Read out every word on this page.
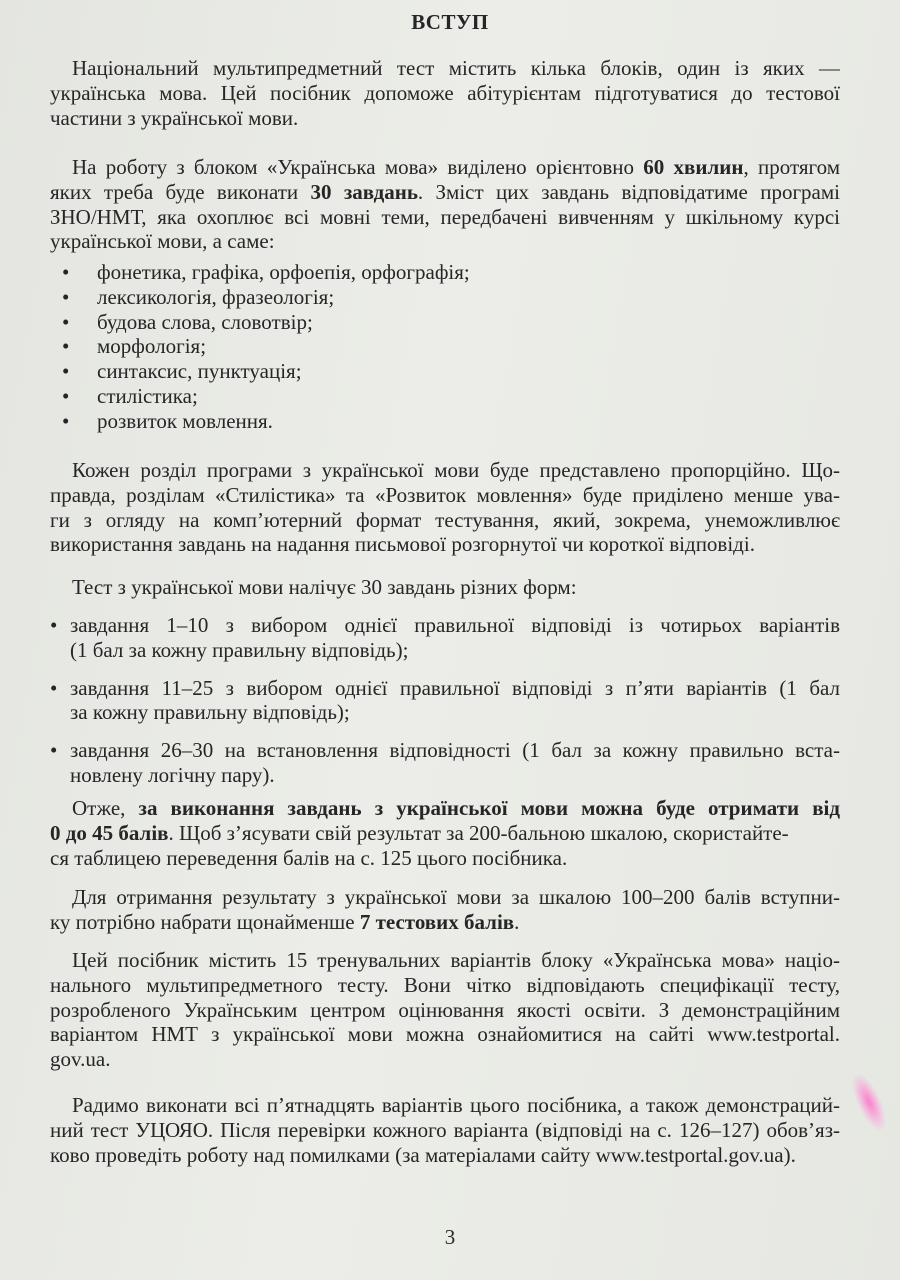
ВСТУП
Національний мультипредметний тест містить кілька блоків, один із яких —
українська мова. Цей посібник допоможе абітурієнтам підготуватися до тестової
частини з української мови.
На роботу з блоком «Українська мова» виділено орієнтовно 60 хвилин, протягом
яких треба буде виконати 30 завдань. Зміст цих завдань відповідатиме програмі
ЗНО/НМТ, яка охоплює всі мовні теми, передбачені вивченням у шкільному курсі
української мови, а саме:
• фонетика, графіка, орфоепія, орфографія;
• лексикологія, фразеологія;
• будова слова, словотвір;
• морфологія;
• синтаксис, пунктуація;
• стилістика;
• розвиток мовлення.
Кожен розділ програми з української мови буде представлено пропорційно. Що-
правда, розділам «Стилістика» та «Розвиток мовлення» буде приділено менше ува-
ги з огляду на комп’ютерний формат тестування, який, зокрема, унеможливлює
використання завдань на надання письмової розгорнутої чи короткої відповіді.
Тест з української мови налічує 30 завдань різних форм:
• завдання 1–10 з вибором однієї правильної відповіді із чотирьох варіантів
(1 бал за кожну правильну відповідь);
• завдання 11–25 з вибором однієї правильної відповіді з п’яти варіантів (1 бал
за кожну правильну відповідь);
• завдання 26–30 на встановлення відповідності (1 бал за кожну правильно вста-
новлену логічну пару).
Отже, за виконання завдань з української мови можна буде отримати від
0 до 45 балів. Щоб з’ясувати свій результат за 200-бальною шкалою, скористайте-
ся таблицею переведення балів на с. 125 цього посібника.
Для отримання результату з української мови за шкалою 100–200 балів вступни-
ку потрібно набрати щонайменше 7 тестових балів.
Цей посібник містить 15 тренувальних варіантів блоку «Українська мова» націо-
нального мультипредметного тесту. Вони чітко відповідають специфікації тесту,
розробленого Українським центром оцінювання якості освіти. З демонстраційним
варіантом НМТ з української мови можна ознайомитися на сайті www.testportal.
gov.ua.
Радимо виконати всі п’ятнадцять варіантів цього посібника, а також демонстраций-
ний тест УЦОЯО. Після перевірки кожного варіанта (відповіді на с. 126–127) обов’яз-
ково проведіть роботу над помилками (за матеріалами сайту www.testportal.gov.ua).
3
